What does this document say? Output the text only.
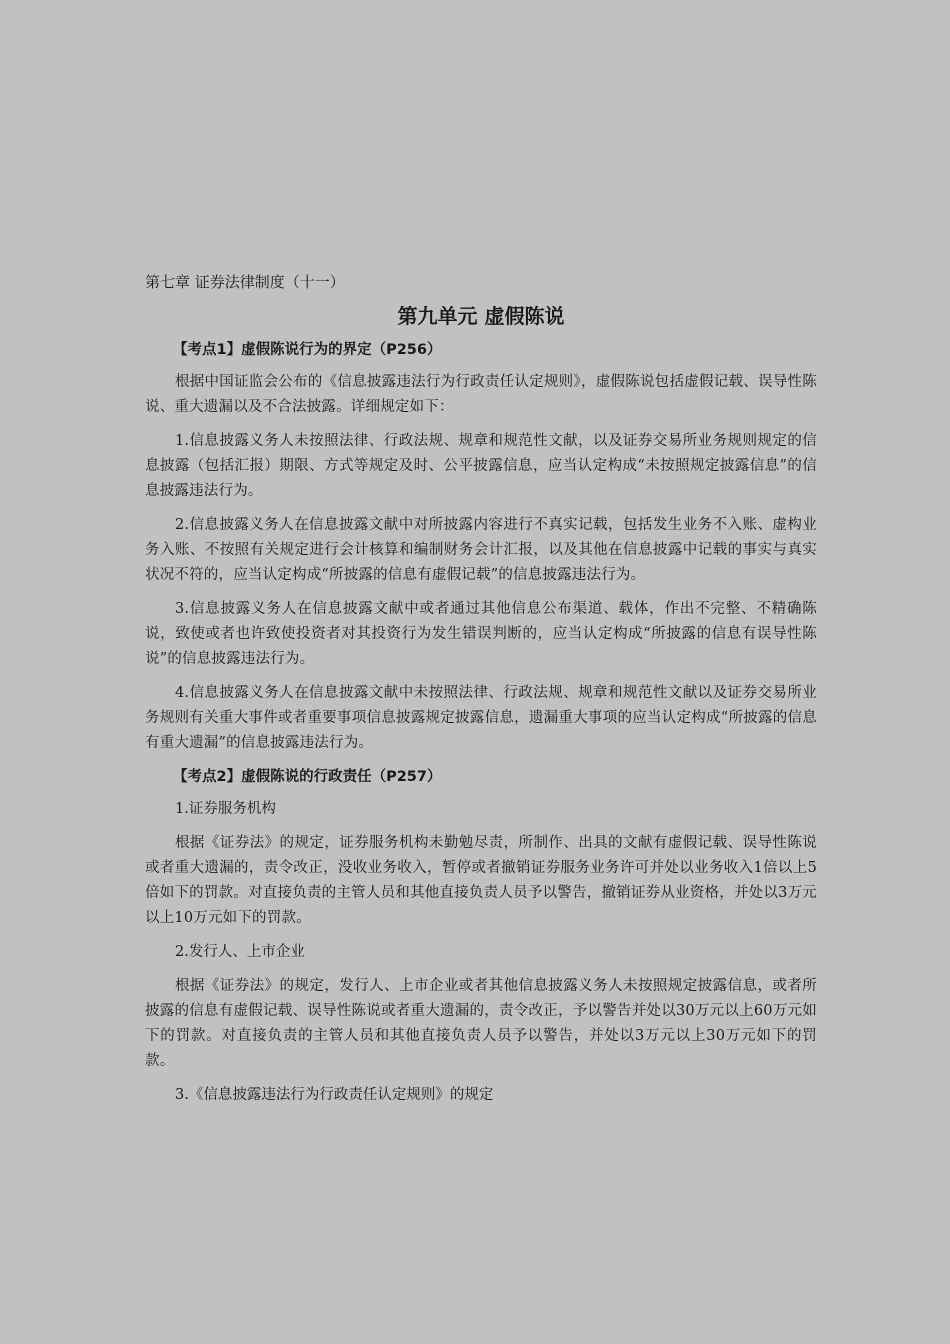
第七章 证券法律制度（十一）
第九单元 虚假陈说
【考点1】虚假陈说行为的界定（P256）

根据中国证监会公布的《信息披露违法行为行政责任认定规则》，虚假陈说包括虚假记载、误导性陈说、重大遗漏以及不合法披露。详细规定如下：

1.信息披露义务人未按照法律、行政法规、规章和规范性文献，以及证券交易所业务规则规定的信息披露（包括汇报）期限、方式等规定及时、公平披露信息，应当认定构成“未按照规定披露信息”的信息披露违法行为。

2.信息披露义务人在信息披露文献中对所披露内容进行不真实记载，包括发生业务不入账、虚构业务入账、不按照有关规定进行会计核算和编制财务会计汇报，以及其他在信息披露中记载的事实与真实状况不符的，应当认定构成“所披露的信息有虚假记载”的信息披露违法行为。

3.信息披露义务人在信息披露文献中或者通过其他信息公布渠道、载体，作出不完整、不精确陈说，致使或者也许致使投资者对其投资行为发生错误判断的，应当认定构成“所披露的信息有误导性陈说”的信息披露违法行为。

4.信息披露义务人在信息披露文献中未按照法律、行政法规、规章和规范性文献以及证券交易所业务规则有关重大事件或者重要事项信息披露规定披露信息，遗漏重大事项的应当认定构成“所披露的信息有重大遗漏”的信息披露违法行为。

【考点2】虚假陈说的行政责任（P257）

1.证券服务机构

根据《证券法》的规定，证券服务机构未勤勉尽责，所制作、出具的文献有虚假记载、误导性陈说或者重大遗漏的，责令改正，没收业务收入，暂停或者撤销证券服务业务许可并处以业务收入1倍以上5倍如下的罚款。对直接负责的主管人员和其他直接负责人员予以警告，撤销证券从业资格，并处以3万元以上10万元如下的罚款。

2.发行人、上市企业

根据《证券法》的规定，发行人、上市企业或者其他信息披露义务人未按照规定披露信息，或者所披露的信息有虚假记载、误导性陈说或者重大遗漏的，责令改正，予以警告并处以30万元以上60万元如下的罚款。对直接负责的主管人员和其他直接负责人员予以警告，并处以3万元以上30万元如下的罚款。

3.《信息披露违法行为行政责任认定规则》的规定
